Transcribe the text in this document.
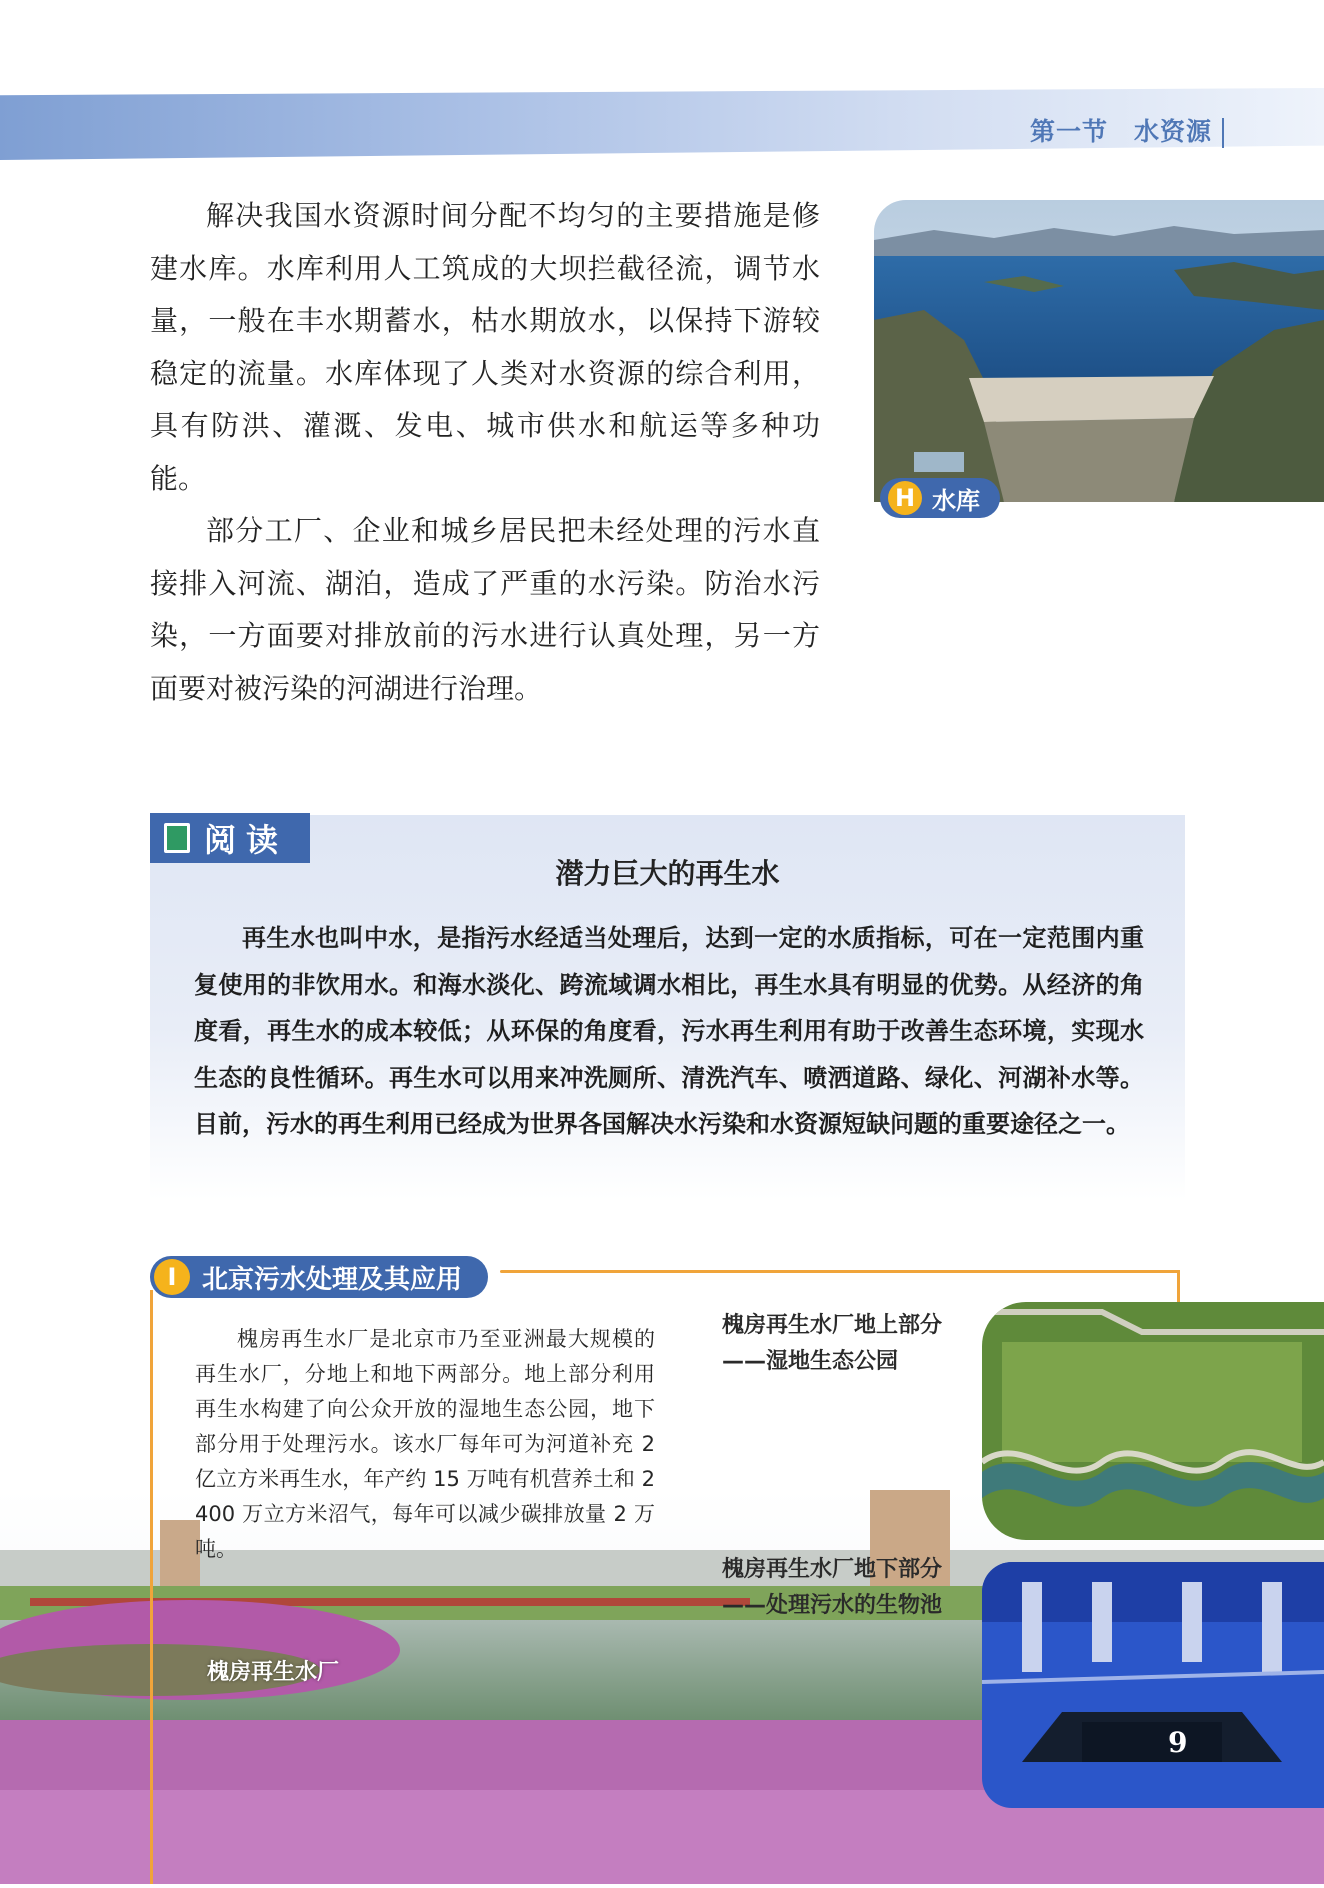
第一节 水资源

解决我国水资源时间分配不均匀的主要措施是修建水库。水库利用人工筑成的大坝拦截径流，调节水量，一般在丰水期蓄水，枯水期放水，以保持下游较稳定的流量。水库体现了人类对水资源的综合利用，具有防洪、灌溉、发电、城市供水和航运等多种功能。

部分工厂、企业和城乡居民把未经处理的污水直接排入河流、湖泊，造成了严重的水污染。防治水污染，一方面要对排放前的污水进行认真处理，另一方面要对被污染的河湖进行治理。

H 水库
阅读
潜力巨大的再生水

再生水也叫中水，是指污水经适当处理后，达到一定的水质指标，可在一定范围内重复使用的非饮用水。和海水淡化、跨流域调水相比，再生水具有明显的优势。从经济的角度看，再生水的成本较低；从环保的角度看，污水再生利用有助于改善生态环境，实现水生态的良性循环。再生水可以用来冲洗厕所、清洗汽车、喷洒道路、绿化、河湖补水等。目前，污水的再生利用已经成为世界各国解决水污染和水资源短缺问题的重要途径之一。

I 北京污水处理及其应用

槐房再生水厂是北京市乃至亚洲最大规模的再生水厂，分地上和地下两部分。地上部分利用再生水构建了向公众开放的湿地生态公园，地下部分用于处理污水。该水厂每年可为河道补充 2 亿立方米再生水，年产约 15 万吨有机营养土和 2 400 万立方米沼气，每年可以减少碳排放量 2 万吨。

槐房再生水厂地上部分
——湿地生态公园
槐房再生水厂地下部分
——处理污水的生物池
槐房再生水厂
9
